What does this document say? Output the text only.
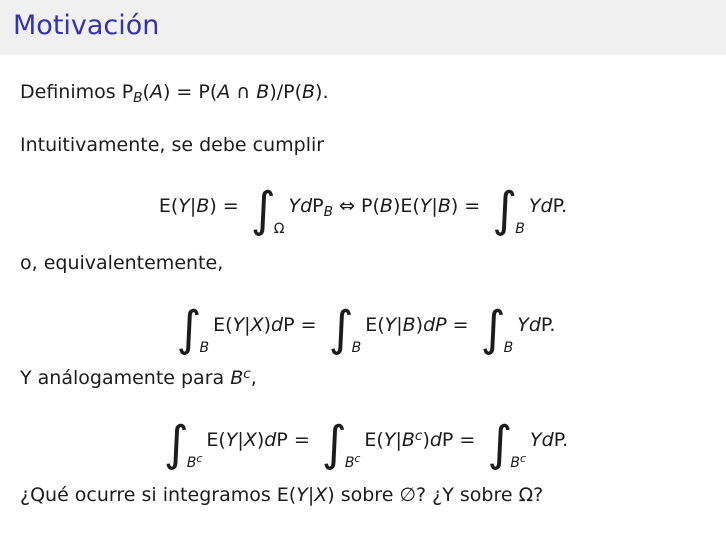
Motivación
Definimos $P_B(A) = P(A$ ∩ B)/P(B).
Intuitivamente, se debe cumplir
E(Y|B) = ∫
Ω
YdP$_B$ ⇔ P(B)E(Y|B) = ∫
B
YdP.
o, equivalentemente,
∫
B
E(Y|X)dP = ∫
B
E(Y|B)dP = ∫
B
YdP.
Y análogamente para $B^c$,
∫
$B^c$
E(Y|X)dP = ∫
$B^c$
$E(Y|B^c)dP$ = ∫
$B^c$
YdP.
¿Qué ocurre si integramos E(Y|X) sobre ∅? ¿Y sobre Ω?
